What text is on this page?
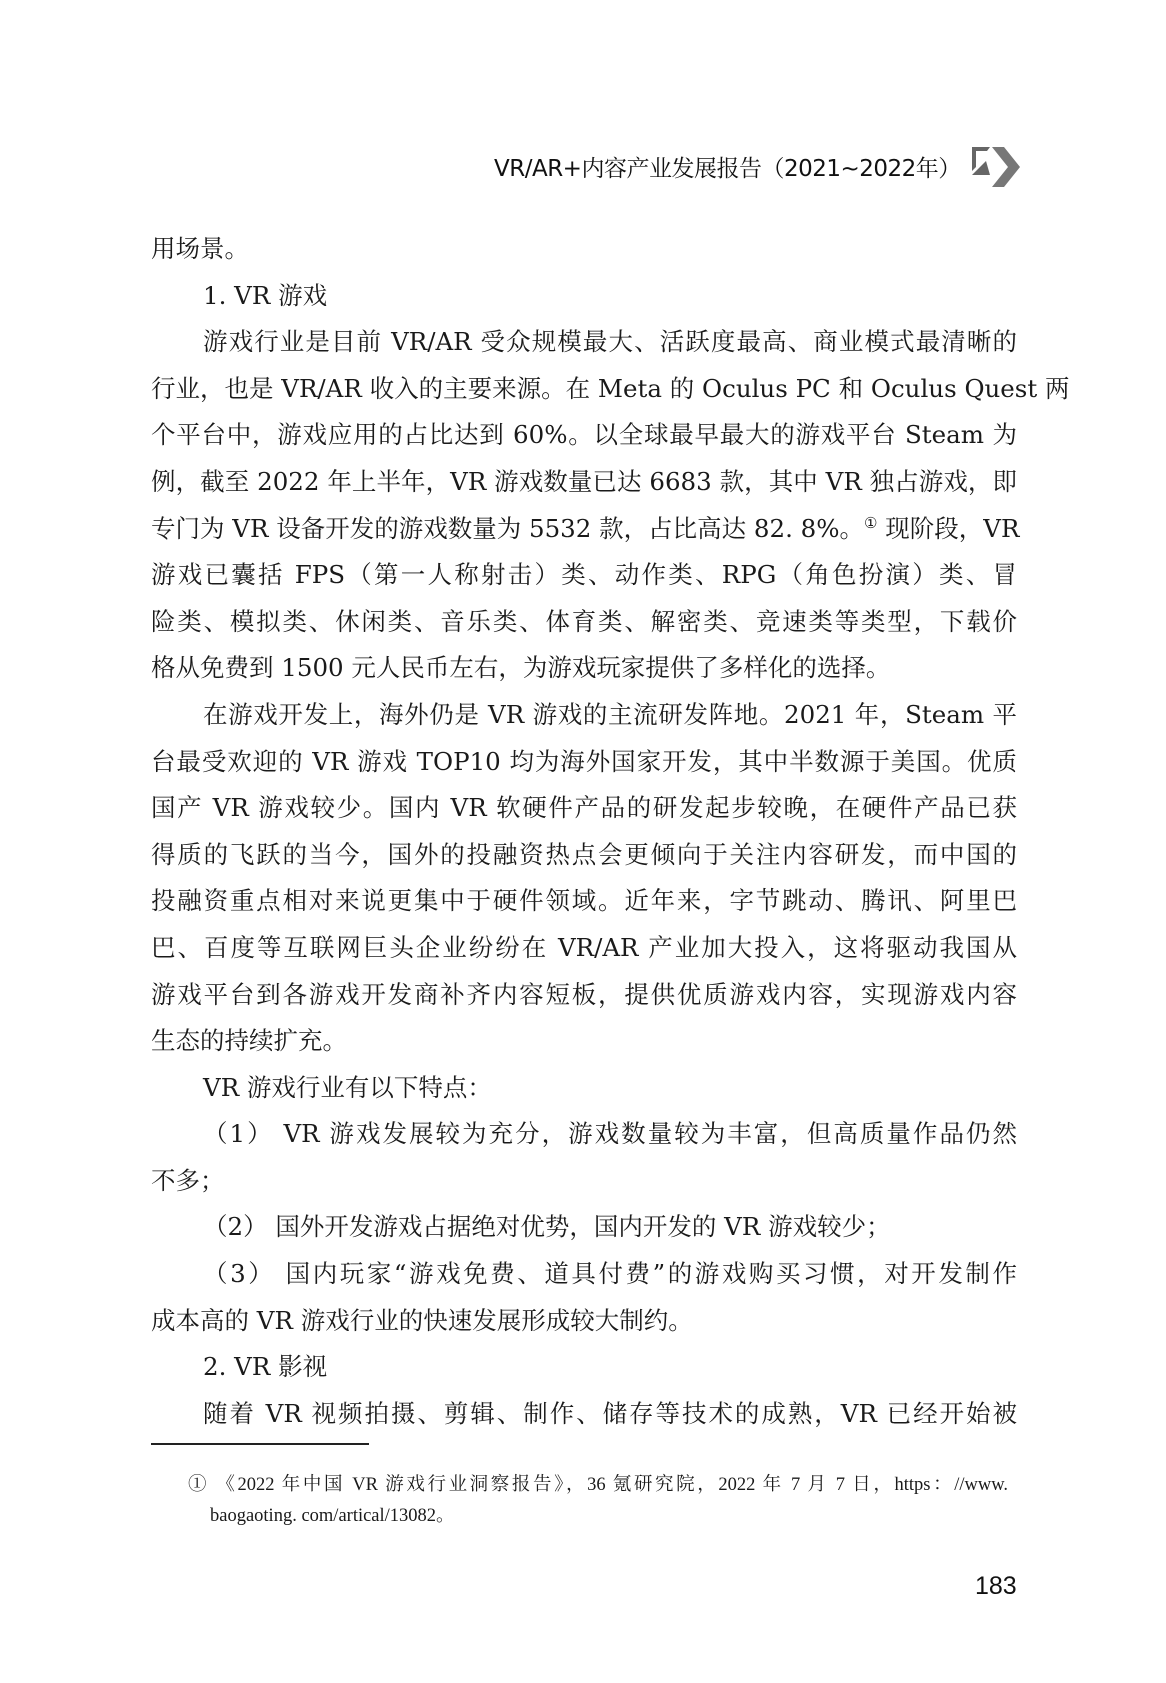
VR/AR+内容产业发展报告（2021~2022年）
用场景。
1. VR 游戏
游戏行业是目前 VR/AR 受众规模最大、活跃度最高、商业模式最清晰的
行业，也是 VR/AR 收入的主要来源。在 Meta 的 Oculus PC 和 Oculus Quest 两
个平台中，游戏应用的占比达到 60%。以全球最早最大的游戏平台 Steam 为
例，截至 2022 年上半年，VR 游戏数量已达 6683 款，其中 VR 独占游戏，即
专门为 VR 设备开发的游戏数量为 5532 款，占比高达 82. 8%。① 现阶段，VR
游戏已囊括 FPS（第一人称射击）类、动作类、RPG（角色扮演）类、冒
险类、模拟类、休闲类、音乐类、体育类、解密类、竞速类等类型，下载价
格从免费到 1500 元人民币左右，为游戏玩家提供了多样化的选择。
在游戏开发上，海外仍是 VR 游戏的主流研发阵地。2021 年，Steam 平
台最受欢迎的 VR 游戏 TOP10 均为海外国家开发，其中半数源于美国。优质
国产 VR 游戏较少。国内 VR 软硬件产品的研发起步较晚，在硬件产品已获
得质的飞跃的当今，国外的投融资热点会更倾向于关注内容研发，而中国的
投融资重点相对来说更集中于硬件领域。近年来，字节跳动、腾讯、阿里巴
巴、百度等互联网巨头企业纷纷在 VR/AR 产业加大投入，这将驱动我国从
游戏平台到各游戏开发商补齐内容短板，提供优质游戏内容，实现游戏内容
生态的持续扩充。
VR 游戏行业有以下特点：
（1） VR 游戏发展较为充分，游戏数量较为丰富，但高质量作品仍然
不多；
（2） 国外开发游戏占据绝对优势，国内开发的 VR 游戏较少；
（3） 国内玩家“游戏免费、道具付费”的游戏购买习惯，对开发制作
成本高的 VR 游戏行业的快速发展形成较大制约。
2. VR 影视
随着 VR 视频拍摄、剪辑、制作、储存等技术的成熟，VR 已经开始被
① 《2022 年中国 VR 游戏行业洞察报告》，36 氪研究院，2022 年 7 月 7 日，https：//www.
baogaoting. com/artical/13082。
183
